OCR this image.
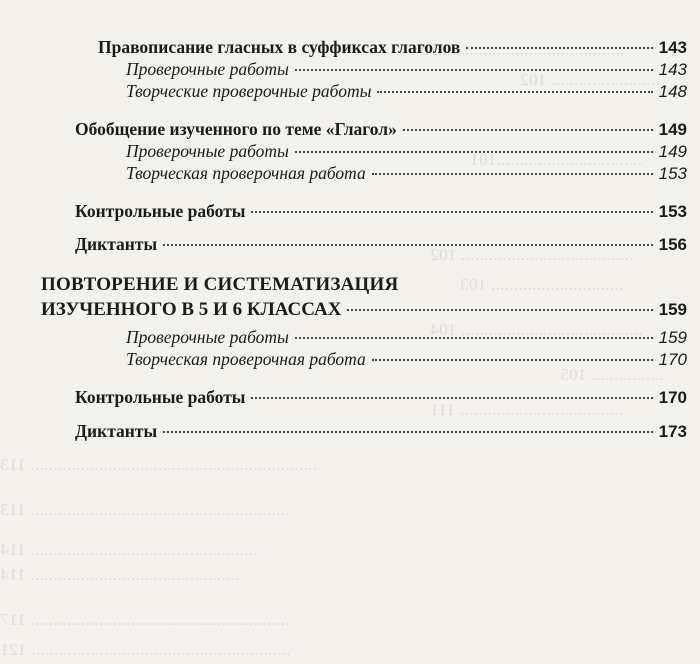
.........................................99
........................ 102
................................101
...................................... 102
............................. 103
........................................ 104
................ 105
.................................... 111
............................................................... 113
......................................................... 113
.................................................. 114
.............................................. 114
......................................................... 117
......................................................... 121
Правописание гласных в суффиксах глаголов	143
Проверочные работы	143
Творческие проверочные работы	148
Обобщение изученного по теме «Глагол»	149
Проверочные работы	149
Творческая проверочная работа	153
Контрольные работы	153
Диктанты	156
ПОВТОРЕНИЕ И СИСТЕМАТИЗАЦИЯ
ИЗУЧЕННОГО В 5 И 6 КЛАССАХ	159
Проверочные работы	159
Творческая проверочная работа	170
Контрольные работы	170
Диктанты	173
